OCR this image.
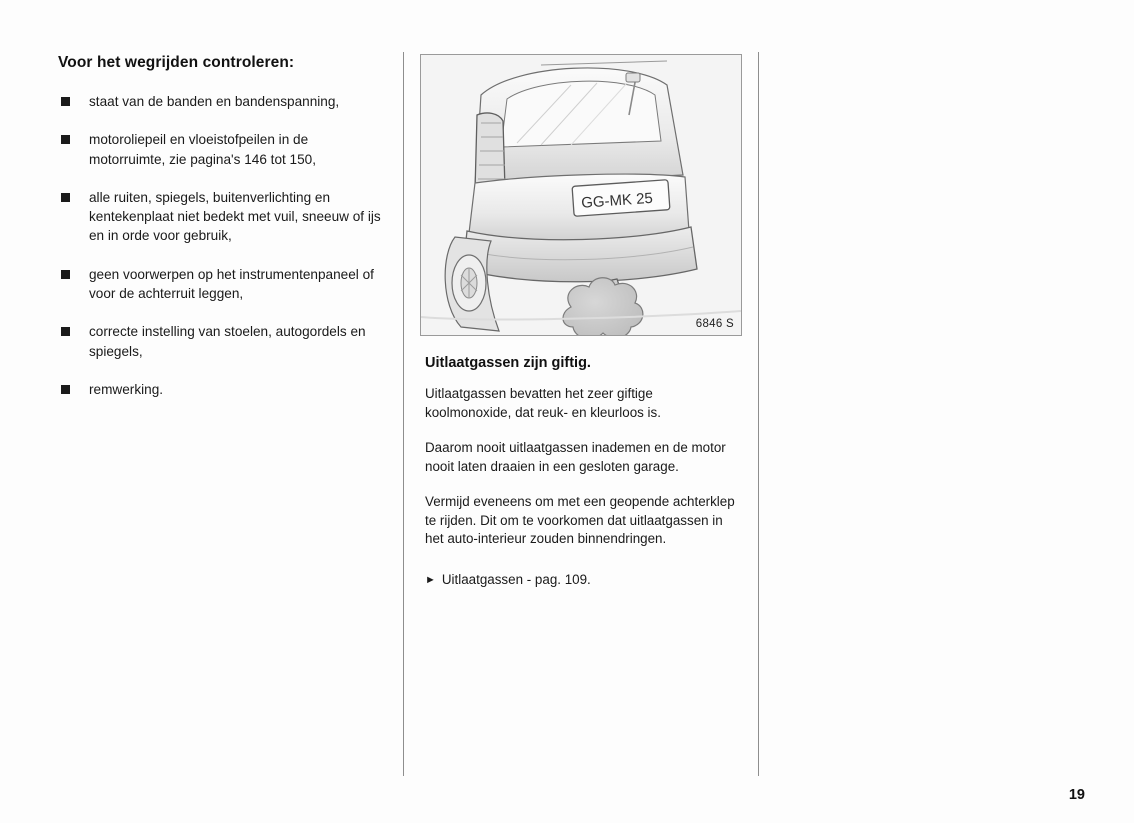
Voor het wegrijden controleren:
staat van de banden en bandenspanning,
motoroliepeil en vloeistofpeilen in de motorruimte, zie pagina's 146 tot 150,
alle ruiten, spiegels, buitenverlichting en kentekenplaat niet bedekt met vuil, sneeuw of ijs en in orde voor gebruik,
geen voorwerpen op het instrumentenpaneel of voor de achterruit leggen,
correcte instelling van stoelen, autogordels en spiegels,
remwerking.
GG-MK 25
6846 S
Uitlaatgassen zijn giftig.

Uitlaatgassen bevatten het zeer giftige koolmonoxide, dat reuk- en kleurloos is.

Daarom nooit uitlaatgassen inademen en de motor nooit laten draaien in een gesloten garage.

Vermijd eveneens om met een geopende achterklep te rijden. Dit om te voorkomen dat uitlaatgassen in het auto-interieur zouden binnendringen.

► Uitlaatgassen - pag. 109.

19
